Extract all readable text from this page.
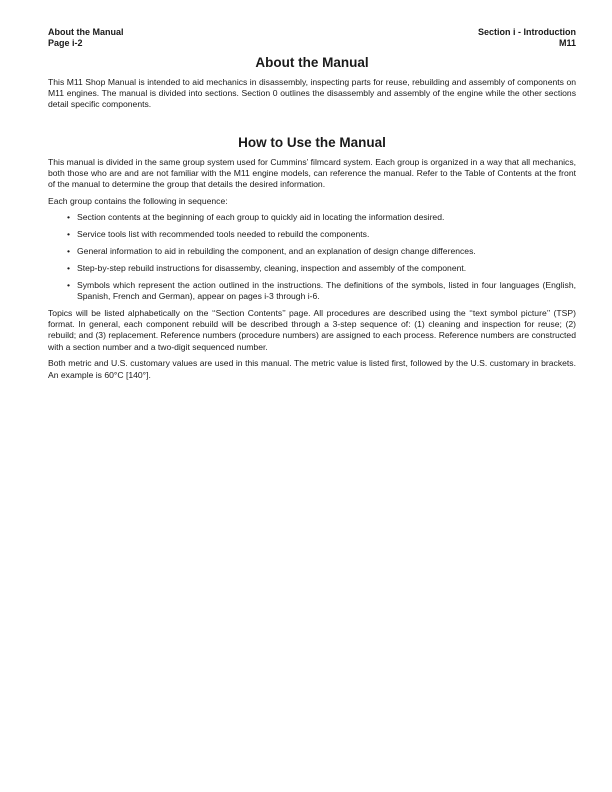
About the Manual
Page i-2
Section i - Introduction
M11
About the Manual

This M11 Shop Manual is intended to aid mechanics in disassembly, inspecting parts for reuse, rebuilding and assembly of components on M11 engines. The manual is divided into sections. Section 0 outlines the disassembly and assembly of the engine while the other sections detail specific components.

How to Use the Manual

This manual is divided in the same group system used for Cummins’ filmcard system. Each group is organized in a way that all mechanics, both those who are and are not familiar with the M11 engine models, can reference the manual. Refer to the Table of Contents at the front of the manual to determine the group that details the desired information.

Each group contains the following in sequence:

• Section contents at the beginning of each group to quickly aid in locating the information desired.
• Service tools list with recommended tools needed to rebuild the components.
• General information to aid in rebuilding the component, and an explanation of design change differences.
• Step-by-step rebuild instructions for disassemby, cleaning, inspection and assembly of the component.
• Symbols which represent the action outlined in the instructions. The definitions of the symbols, listed in four languages (English, Spanish, French and German), appear on pages i-3 through i-6.

Topics will be listed alphabetically on the ‘‘Section Contents’’ page. All procedures are described using the ‘‘text symbol picture’’ (TSP) format. In general, each component rebuild will be described through a 3-step sequence of: (1) cleaning and inspection for reuse; (2) rebuild; and (3) replacement. Reference numbers (procedure numbers) are assigned to each process. Reference numbers are constructed with a section number and a two-digit sequenced number.

Both metric and U.S. customary values are used in this manual. The metric value is listed first, followed by the U.S. customary in brackets. An example is 60°C [140°].
